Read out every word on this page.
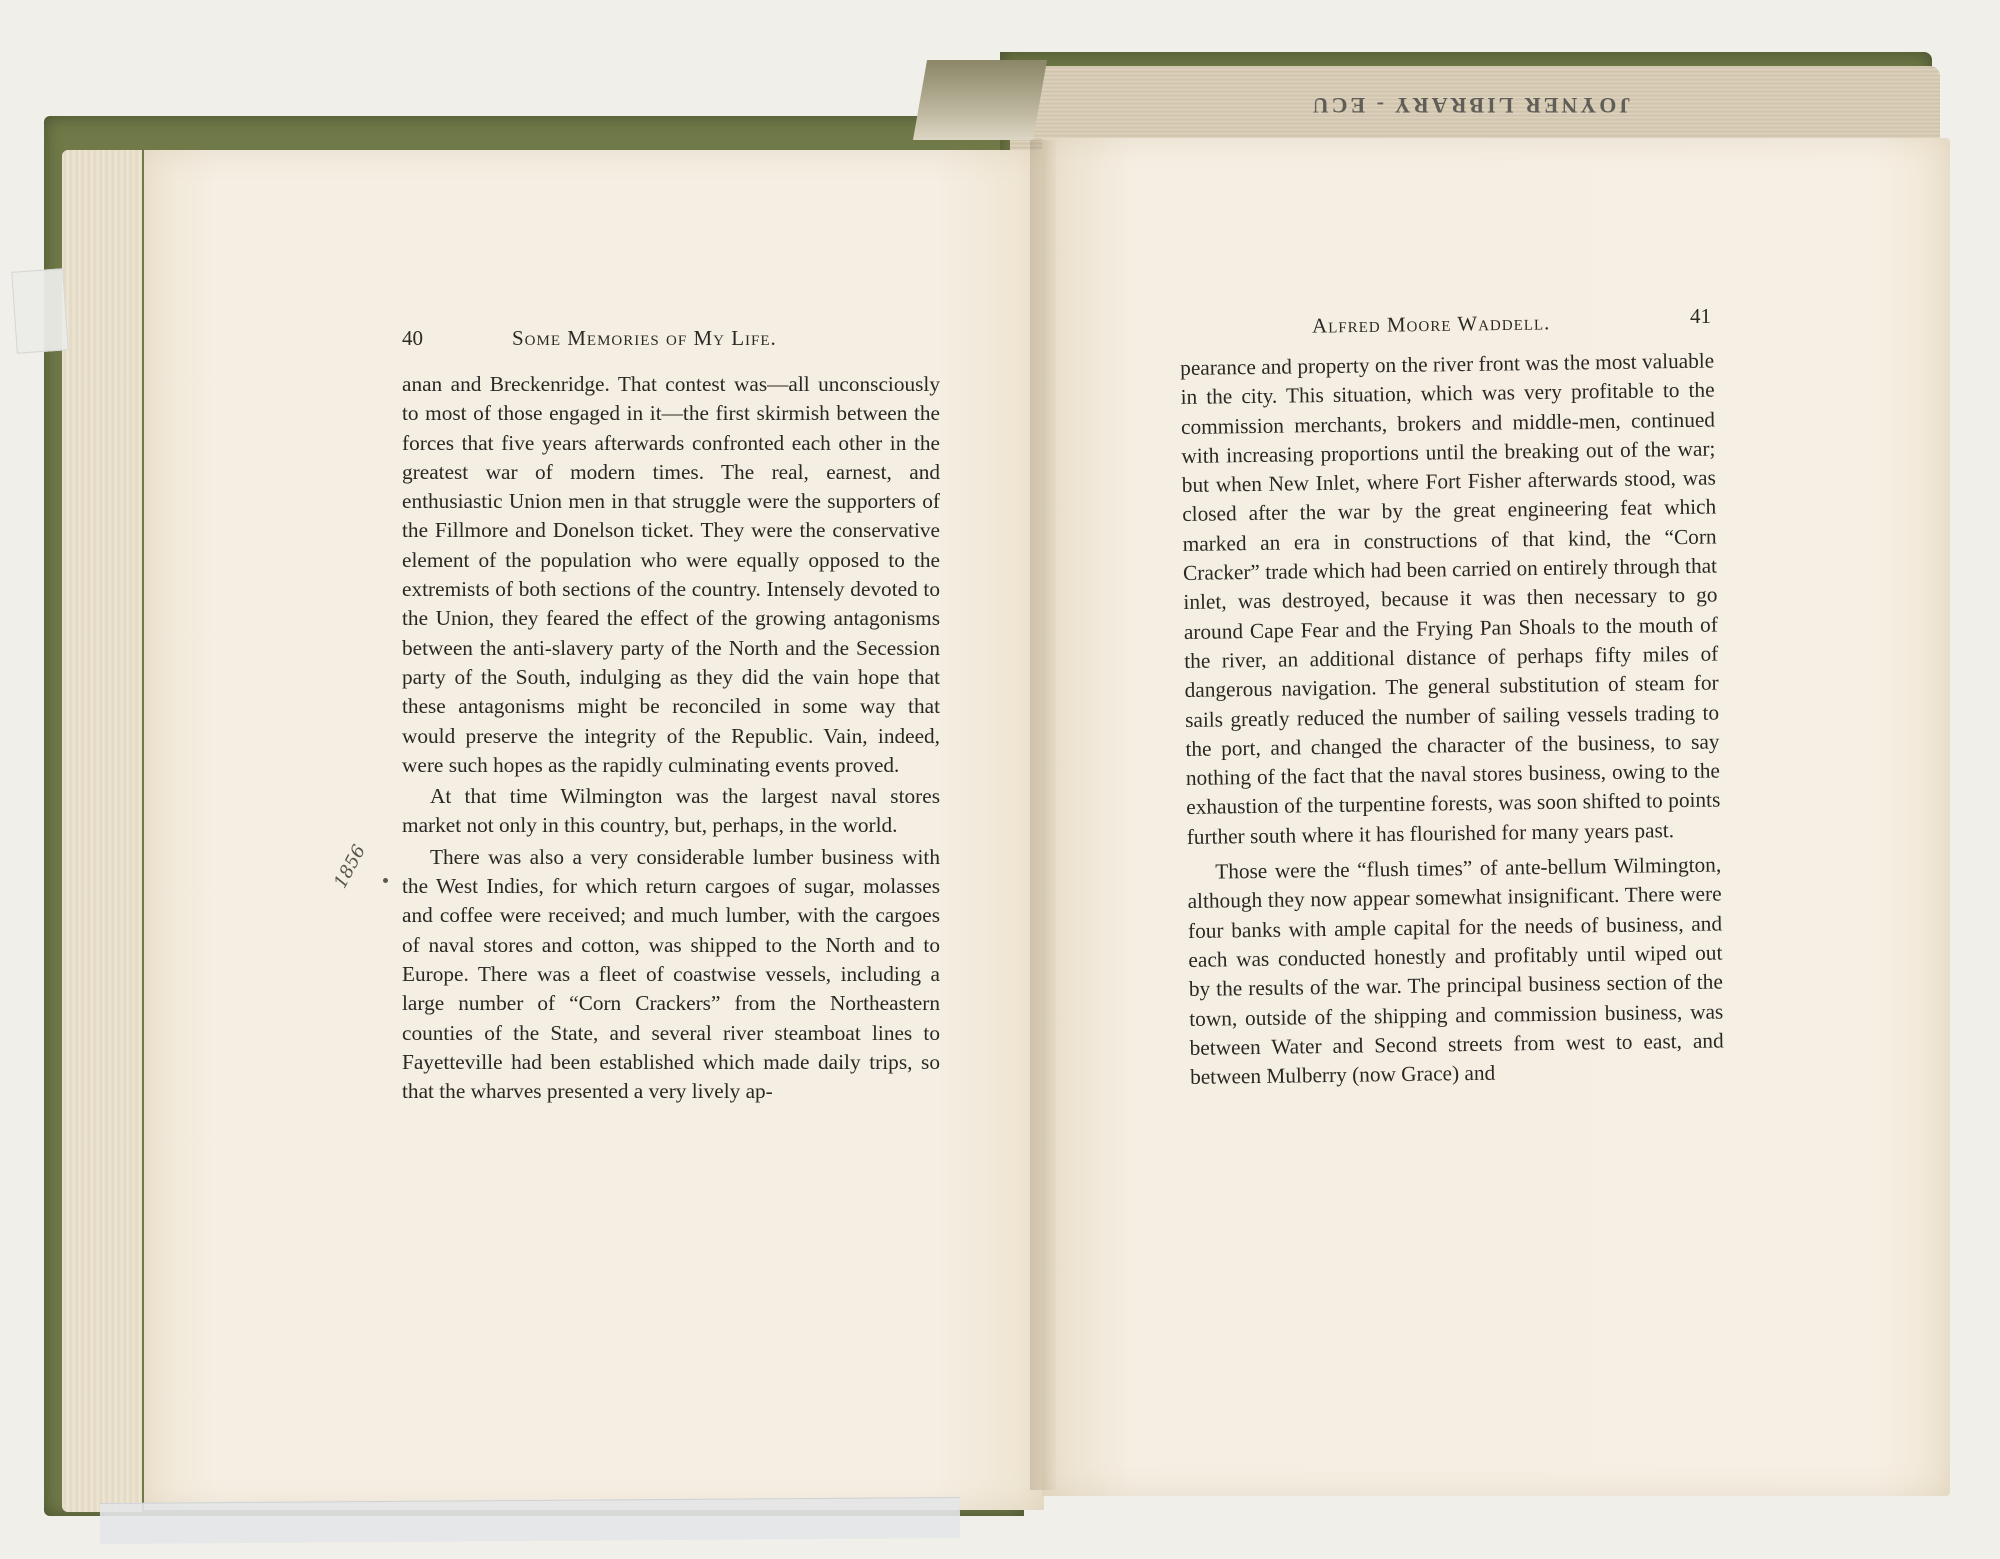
JOYNER LIBRARY - ECU
40	Some Memories of My Life.

anan and Breckenridge. That contest was—all unconsciously to most of those engaged in it—the first skirmish between the forces that five years afterwards confronted each other in the greatest war of modern times. The real, earnest, and enthusiastic Union men in that struggle were the supporters of the Fillmore and Donelson ticket. They were the conservative element of the population who were equally opposed to the extremists of both sections of the country. Intensely devoted to the Union, they feared the effect of the growing antagonisms between the anti-slavery party of the North and the Secession party of the South, indulging as they did the vain hope that these antagonisms might be reconciled in some way that would preserve the integrity of the Republic. Vain, indeed, were such hopes as the rapidly culminating events proved.

At that time Wilmington was the largest naval stores market not only in this country, but, perhaps, in the world.

There was also a very considerable lumber business with the West Indies, for which return cargoes of sugar, molasses and coffee were received; and much lumber, with the cargoes of naval stores and cotton, was shipped to the North and to Europe. There was a fleet of coastwise vessels, including a large number of “Corn Crackers” from the Northeastern counties of the State, and several river steamboat lines to Fayetteville had been established which made daily trips, so that the wharves presented a very lively ap-

1856
Alfred Moore Waddell.	41

pearance and property on the river front was the most valuable in the city. This situation, which was very profitable to the commission merchants, brokers and middle-men, continued with increasing proportions until the breaking out of the war; but when New Inlet, where Fort Fisher afterwards stood, was closed after the war by the great engineering feat which marked an era in constructions of that kind, the “Corn Cracker” trade which had been carried on entirely through that inlet, was destroyed, because it was then necessary to go around Cape Fear and the Frying Pan Shoals to the mouth of the river, an additional distance of perhaps fifty miles of dangerous navigation. The general substitution of steam for sails greatly reduced the number of sailing vessels trading to the port, and changed the character of the business, to say nothing of the fact that the naval stores business, owing to the exhaustion of the turpentine forests, was soon shifted to points further south where it has flourished for many years past.

Those were the “flush times” of ante-bellum Wilmington, although they now appear somewhat insignificant. There were four banks with ample capital for the needs of business, and each was conducted honestly and profitably until wiped out by the results of the war. The principal business section of the town, outside of the shipping and commission business, was between Water and Second streets from west to east, and between Mulberry (now Grace) and
